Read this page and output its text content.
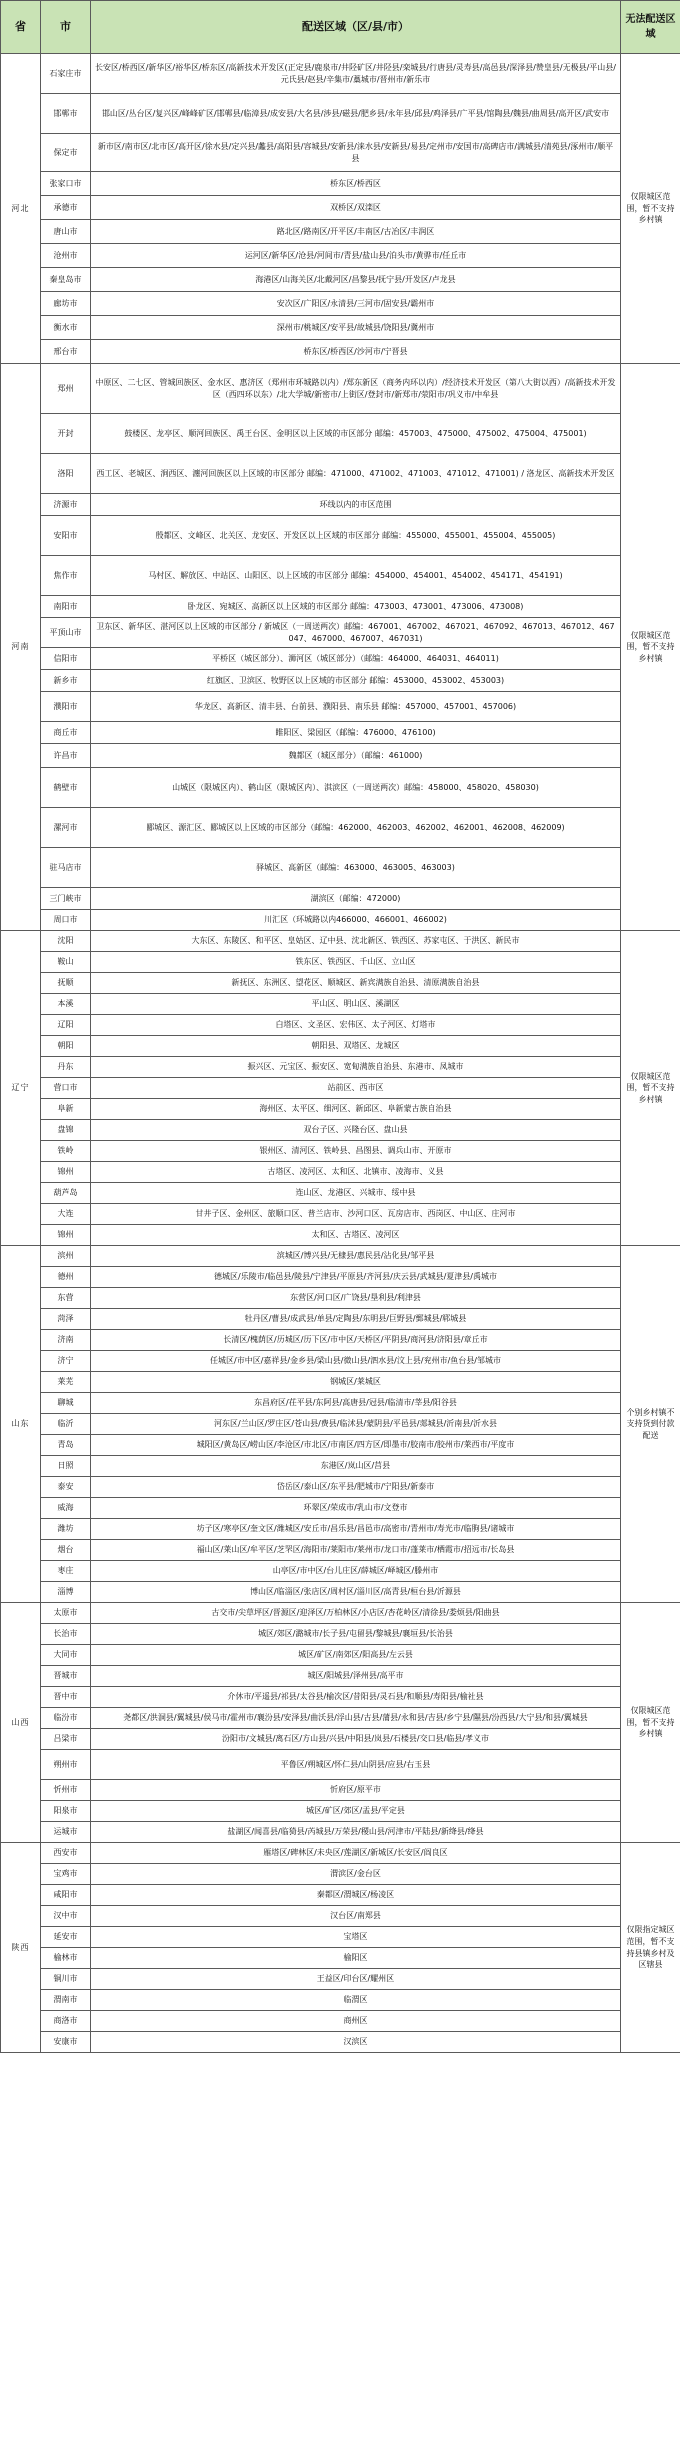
省	市	配送区域（区/县/市）	无法配送区域
河北	石家庄市	长安区/桥西区/新华区/裕华区/桥东区/高新技术开发区(正定县/鹿泉市/井陉矿区/井陉县/栾城县/行唐县/灵寿县/高邑县/深泽县/赞皇县/无极县/平山县/元氏县/赵县/辛集市/藁城市/晋州市/新乐市	仅限城区范围，暂不支持乡村镇
	邯郸市	邯山区/丛台区/复兴区/峰峰矿区/邯郸县/临漳县/成安县/大名县/涉县/磁县/肥乡县/永年县/邱县/鸡泽县/广平县/馆陶县/魏县/曲周县/高开区/武安市	
	保定市	新市区/南市区/北市区/高开区/徐水县/定兴县/蠡县/高阳县/容城县/安新县/涞水县/安新县/易县/定州市/安国市/高碑店市/满城县/清苑县/涿州市/顺平县	
	张家口市	桥东区/桥西区	
	承德市	双桥区/双滦区	
	唐山市	路北区/路南区/开平区/丰南区/古冶区/丰润区	
	沧州市	运河区/新华区/沧县/河间市/青县/盐山县/泊头市/黄骅市/任丘市	
	秦皇岛市	海港区/山海关区/北戴河区/昌黎县/抚宁县/开发区/卢龙县	
	廊坊市	安次区/广阳区/永清县/三河市/固安县/霸州市	
	衡水市	深州市/桃城区/安平县/故城县/饶阳县/冀州市	
	邢台市	桥东区/桥西区/沙河市/宁晋县	
河南	郑州	中原区、二七区、管城回族区、金水区、惠济区（郑州市环城路以内）/郑东新区（商务内环以内）/经济技术开发区（第八大街以西）/高新技术开发区（西四环以东）/北大学城/新密市/上街区/登封市/新郑市/荥阳市/巩义市/中牟县	仅限城区范围，暂不支持乡村镇
	开封	鼓楼区、龙亭区、顺河回族区、禹王台区、金明区以上区域的市区部分 邮编：457003、475000、475002、475004、475001)	
	洛阳	西工区、老城区、涧西区、瀍河回族区以上区域的市区部分 邮编：471000、471002、471003、471012、471001) / 洛龙区、高新技术开发区	
	济源市	环线以内的市区范围	
	安阳市	殷都区、文峰区、北关区、龙安区、开发区以上区域的市区部分 邮编：455000、455001、455004、455005)	
	焦作市	马村区、解放区、中站区、山阳区、以上区域的市区部分 邮编：454000、454001、454002、454171、454191)	
	南阳市	卧龙区、宛城区、高新区以上区域的市区部分 邮编：473003、473001、473006、473008)	
	平顶山市	卫东区、新华区、湛河区以上区域的市区部分 / 新城区（一周送两次）邮编：467001、467002、467021、467092、467013、467012、467047、467000、467007、467031)	
	信阳市	平桥区（城区部分）、浉河区（城区部分）（邮编：464000、464031、464011)	
	新乡市	红旗区、卫滨区、牧野区以上区域的市区部分 邮编：453000、453002、453003)	
	濮阳市	华龙区、高新区、清丰县、台前县、濮阳县、南乐县 邮编：457000、457001、457006)	
	商丘市	睢阳区、梁园区（邮编：476000、476100)	
	许昌市	魏都区（城区部分）（邮编：461000)	
	鹤壁市	山城区（限城区内）、鹤山区（限城区内）、淇滨区（一周送两次）邮编：458000、458020、458030)	
	漯河市	郾城区、源汇区、郾城区以上区域的市区部分（邮编：462000、462003、462002、462001、462008、462009)	
	驻马店市	驿城区、高新区（邮编：463000、463005、463003)	
	三门峡市	湖滨区（邮编：472000)	
	周口市	川汇区（环城路以内466000、466001、466002)	
辽宁	沈阳	大东区、东陵区、和平区、皇姑区、辽中县、沈北新区、铁西区、苏家屯区、于洪区、新民市	仅限城区范围，暂不支持乡村镇
	鞍山	铁东区、铁西区、千山区、立山区	
	抚顺	新抚区、东洲区、望花区、顺城区、新宾满族自治县、清原满族自治县	
	本溪	平山区、明山区、溪湖区	
	辽阳	白塔区、文圣区、宏伟区、太子河区、灯塔市	
	朝阳	朝阳县、双塔区、龙城区	
	丹东	振兴区、元宝区、振安区、宽甸满族自治县、东港市、凤城市	
	营口市	站前区、西市区	
	阜新	海州区、太平区、细河区、新邱区、阜新蒙古族自治县	
	盘锦	双台子区、兴隆台区、盘山县	
	铁岭	银州区、清河区、铁岭县、昌图县、调兵山市、开原市	
	锦州	古塔区、凌河区、太和区、北镇市、凌海市、义县	
	葫芦岛	连山区、龙港区、兴城市、绥中县	
	大连	甘井子区、金州区、旅顺口区、普兰店市、沙河口区、瓦房店市、西岗区、中山区、庄河市	
	锦州	太和区、古塔区、凌河区	
山东	滨州	滨城区/博兴县/无棣县/惠民县/沾化县/邹平县	个别乡村镇不支持货到付款配送
	德州	德城区/乐陵市/临邑县/陵县/宁津县/平原县/齐河县/庆云县/武城县/夏津县/禹城市	
	东营	东营区/河口区/广饶县/垦利县/利津县	
	菏泽	牡丹区/曹县/成武县/单县/定陶县/东明县/巨野县/鄄城县/郓城县	
	济南	长清区/槐荫区/历城区/历下区/市中区/天桥区/平阴县/商河县/济阳县/章丘市	
	济宁	任城区/市中区/嘉祥县/金乡县/梁山县/微山县/泗水县/汶上县/兖州市/鱼台县/邹城市	
	莱芜	钢城区/莱城区	
	聊城	东昌府区/茌平县/东阿县/高唐县/冠县/临清市/莘县/阳谷县	
	临沂	河东区/兰山区/罗庄区/苍山县/费县/临沭县/蒙阴县/平邑县/郯城县/沂南县/沂水县	
	青岛	城阳区/黄岛区/崂山区/李沧区/市北区/市南区/四方区/即墨市/胶南市/胶州市/莱西市/平度市	
	日照	东港区/岚山区/莒县	
	泰安	岱岳区/泰山区/东平县/肥城市/宁阳县/新泰市	
	威海	环翠区/荣成市/乳山市/文登市	
	潍坊	坊子区/寒亭区/奎文区/潍城区/安丘市/昌乐县/昌邑市/高密市/青州市/寿光市/临朐县/诸城市	
	烟台	福山区/莱山区/牟平区/芝罘区/海阳市/莱阳市/莱州市/龙口市/蓬莱市/栖霞市/招远市/长岛县	
	枣庄	山亭区/市中区/台儿庄区/薛城区/峄城区/滕州市	
	淄博	博山区/临淄区/张店区/周村区/淄川区/高青县/桓台县/沂源县	
山西	太原市	古交市/尖草坪区/晋源区/迎泽区/万柏林区/小店区/杏花岭区/清徐县/娄烦县/阳曲县	仅限城区范围，暂不支持乡村镇
	长治市	城区/郊区/潞城市/长子县/屯留县/黎城县/襄垣县/长治县	
	大同市	城区/矿区/南郊区/阳高县/左云县	
	晋城市	城区/阳城县/泽州县/高平市	
	晋中市	介休市/平遥县/祁县/太谷县/榆次区/昔阳县/灵石县/和顺县/寿阳县/榆社县	
	临汾市	尧都区/洪洞县/翼城县/侯马市/霍州市/襄汾县/安泽县/曲沃县/浮山县/古县/蒲县/永和县/吉县/乡宁县/隰县/汾西县/大宁县/和县/翼城县	
	吕梁市	汾阳市/文城县/离石区/方山县/兴县/中阳县/岚县/石楼县/交口县/临县/孝义市	
	朔州市	平鲁区/朔城区/怀仁县/山阴县/应县/右玉县	
	忻州市	忻府区/原平市	
	阳泉市	城区/矿区/郊区/盂县/平定县	
	运城市	盐湖区/闻喜县/临猗县/芮城县/万荣县/稷山县/河津市/平陆县/新绛县/绛县	
陕西	西安市	雁塔区/碑林区/未央区/莲湖区/新城区/长安区/阎良区	仅限指定城区范围，暂不支持县镇乡村及区辖县
	宝鸡市	渭滨区/金台区	
	咸阳市	秦都区/渭城区/杨凌区	
	汉中市	汉台区/南郑县	
	延安市	宝塔区	
	榆林市	榆阳区	
	铜川市	王益区/印台区/耀州区	
	渭南市	临渭区	
	商洛市	商州区	
	安康市	汉滨区	
